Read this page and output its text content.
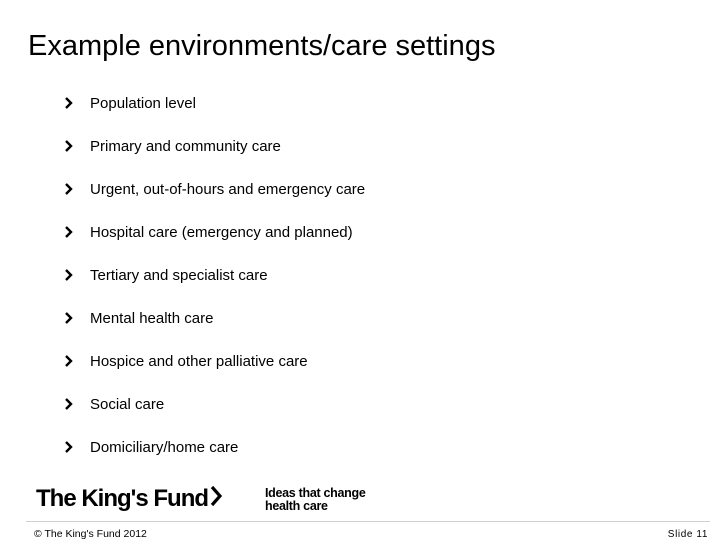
Example environments/care settings
Population level
Primary and community care
Urgent, out-of-hours and emergency care
Hospital care (emergency and planned)
Tertiary and specialist care
Mental health care
Hospice and other palliative care
Social care
Domiciliary/home care
The King's Fund	Ideas that change
health care
© The King's Fund 2012	Slide 11
